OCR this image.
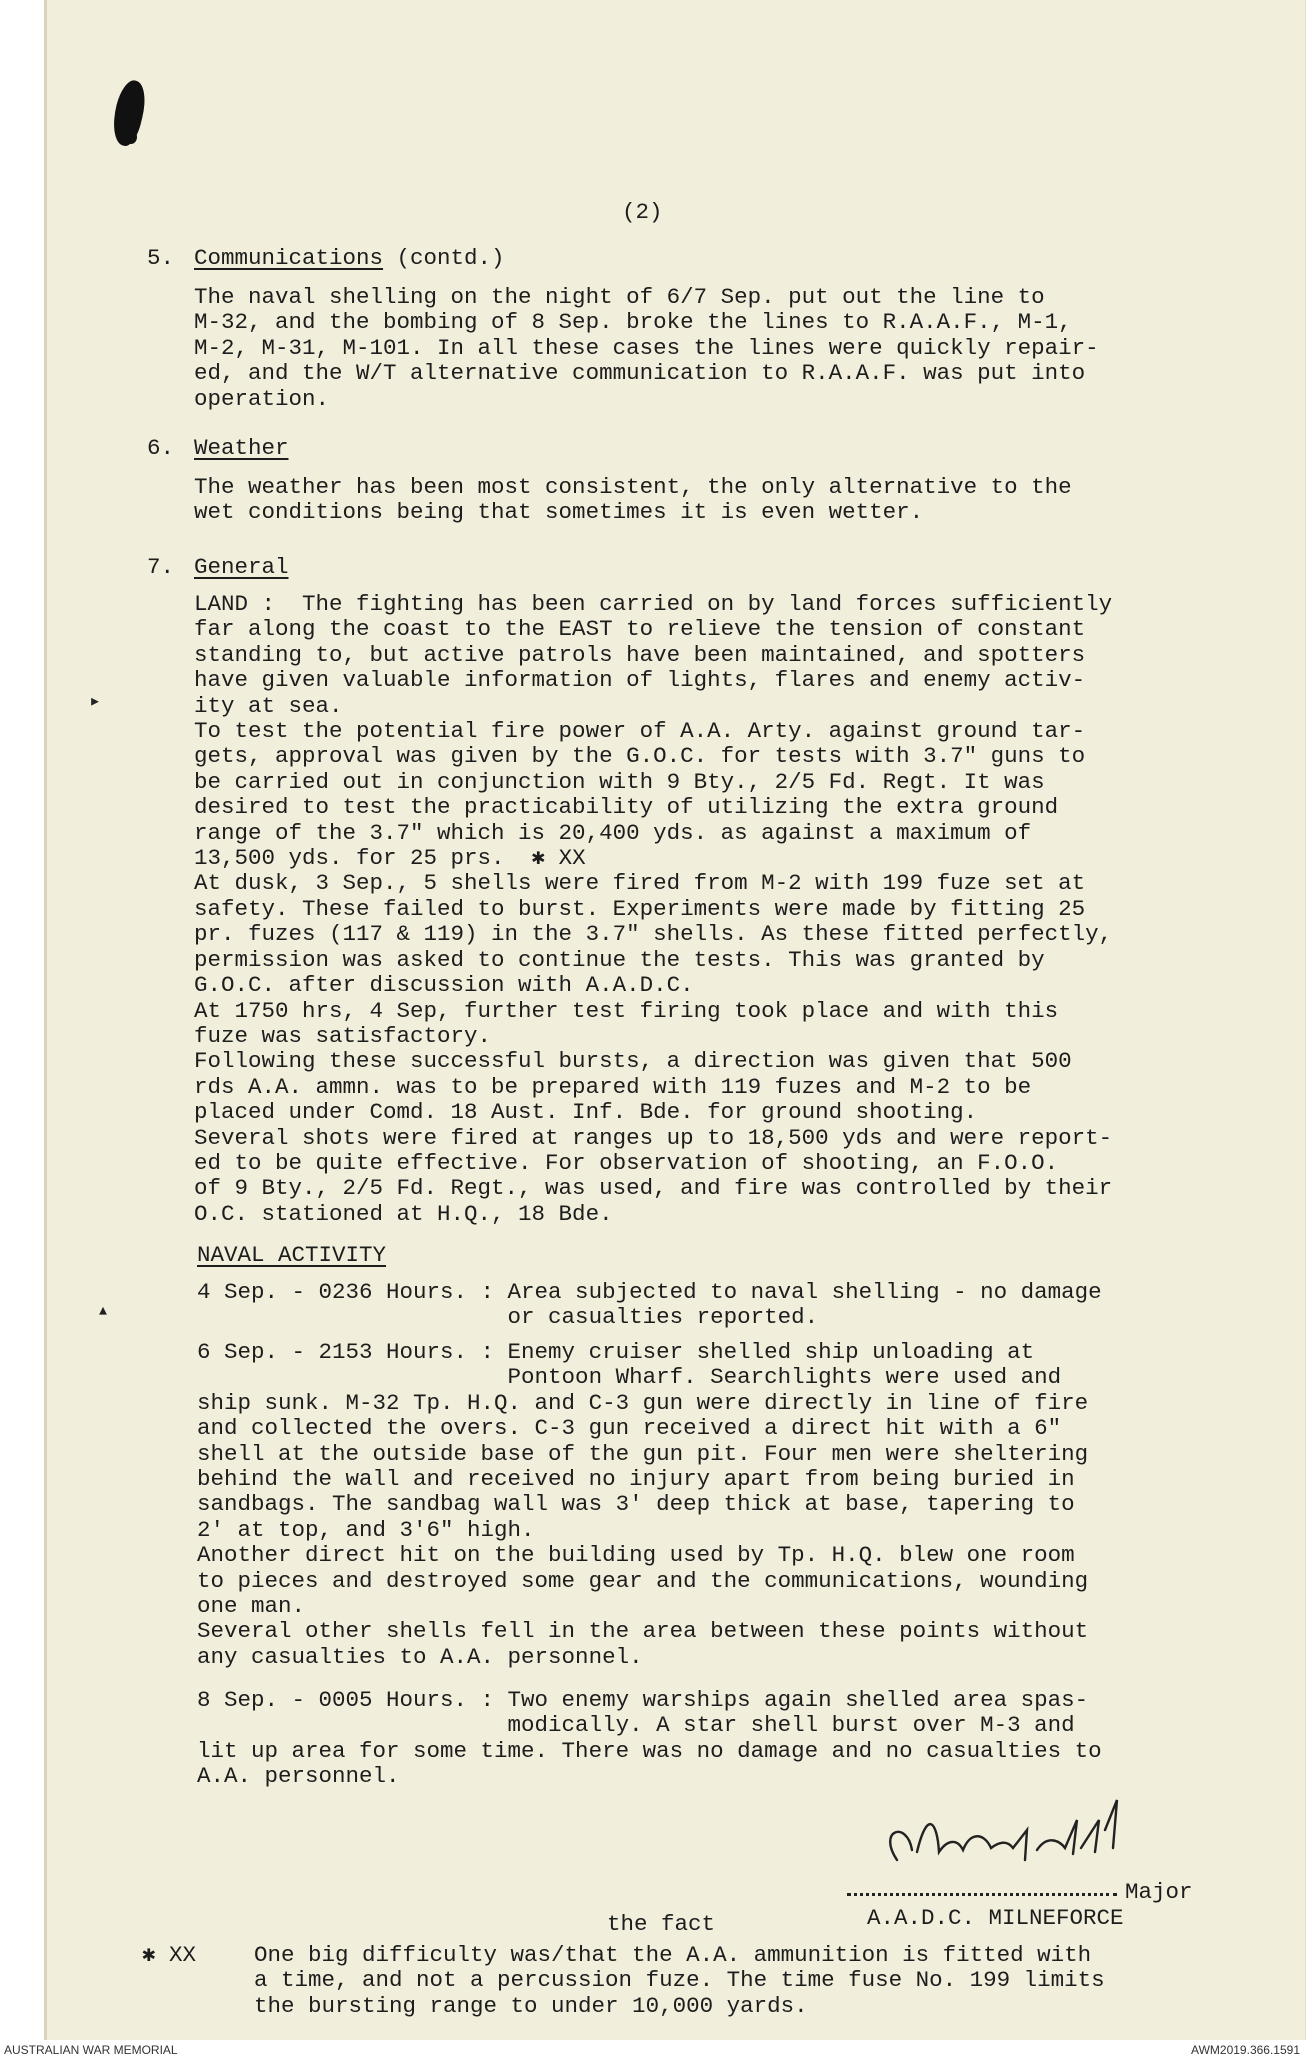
(2)
5. Communications (contd.)
The naval shelling on the night of 6/7 Sep. put out the line to
M-32, and the bombing of 8 Sep. broke the lines to R.A.A.F., M-1,
M-2, M-31, M-101. In all these cases the lines were quickly repair-
ed, and the W/T alternative communication to R.A.A.F. was put into
operation.
6. Weather
The weather has been most consistent, the only alternative to the
wet conditions being that sometimes it is even wetter.
7. General
LAND :  The fighting has been carried on by land forces sufficiently
far along the coast to the EAST to relieve the tension of constant
standing to, but active patrols have been maintained, and spotters
have given valuable information of lights, flares and enemy activ-
ity at sea.
To test the potential fire power of A.A. Arty. against ground tar-
gets, approval was given by the G.O.C. for tests with 3.7" guns to
be carried out in conjunction with 9 Bty., 2/5 Fd. Regt. It was
desired to test the practicability of utilizing the extra ground
range of the 3.7" which is 20,400 yds. as against a maximum of
13,500 yds. for 25 prs.  ✱ XX
At dusk, 3 Sep., 5 shells were fired from M-2 with 199 fuze set at
safety. These failed to burst. Experiments were made by fitting 25
pr. fuzes (117 & 119) in the 3.7" shells. As these fitted perfectly,
permission was asked to continue the tests. This was granted by
G.O.C. after discussion with A.A.D.C.
At 1750 hrs, 4 Sep, further test firing took place and with this
fuze was satisfactory.
Following these successful bursts, a direction was given that 500
rds A.A. ammn. was to be prepared with 119 fuzes and M-2 to be
placed under Comd. 18 Aust. Inf. Bde. for ground shooting.
Several shots were fired at ranges up to 18,500 yds and were report-
ed to be quite effective. For observation of shooting, an F.O.O.
of 9 Bty., 2/5 Fd. Regt., was used, and fire was controlled by their
O.C. stationed at H.Q., 18 Bde.
NAVAL ACTIVITY
4 Sep. - 0236 Hours. : Area subjected to naval shelling - no damage
or casualties reported.
6 Sep. - 2153 Hours. : Enemy cruiser shelled ship unloading at
Pontoon Wharf. Searchlights were used and
ship sunk. M-32 Tp. H.Q. and C-3 gun were directly in line of fire
and collected the overs. C-3 gun received a direct hit with a 6"
shell at the outside base of the gun pit. Four men were sheltering
behind the wall and received no injury apart from being buried in
sandbags. The sandbag wall was 3' deep thick at base, tapering to
2' at top, and 3'6" high.
Another direct hit on the building used by Tp. H.Q. blew one room
to pieces and destroyed some gear and the communications, wounding
one man.
Several other shells fell in the area between these points without
any casualties to A.A. personnel.
8 Sep. - 0005 Hours. : Two enemy warships again shelled area spas-
modically. A star shell burst over M-3 and
lit up area for some time. There was no damage and no casualties to
A.A. personnel.
▸
▴
Major
A.A.D.C. MILNEFORCE
the fact
✱ XX	One big difficulty was/that the A.A. ammunition is fitted with
a time, and not a percussion fuze. The time fuse No. 199 limits
the bursting range to under 10,000 yards.
AUSTRALIAN WAR MEMORIAL	AWM2019.366.1591
